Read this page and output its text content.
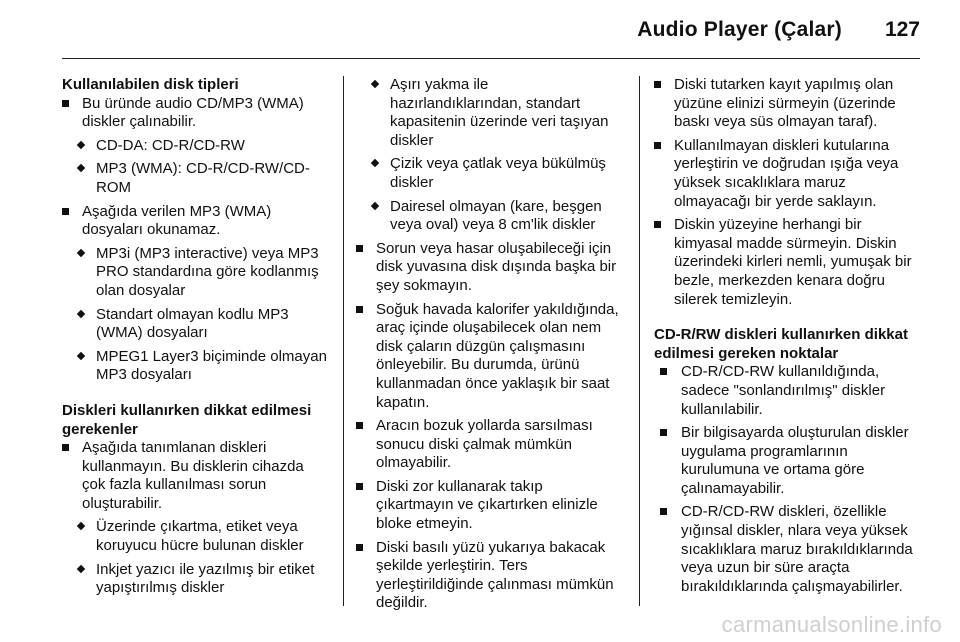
Audio Player (Çalar) 127

Kullanılabilen disk tipleri

Bu üründe audio CD/MP3 (WMA) diskler çalınabilir.
CD-DA: CD-R/CD-RW
MP3 (WMA): CD-R/CD-RW/CD-ROM
Aşağıda verilen MP3 (WMA) dosyaları okunamaz.
MP3i (MP3 interactive) veya MP3 PRO standardına göre kodlanmış olan dosyalar
Standart olmayan kodlu MP3 (WMA) dosyaları
MPEG1 Layer3 biçiminde olmayan MP3 dosyaları

Diskleri kullanırken dikkat edilmesi gerekenler

Aşağıda tanımlanan diskleri kullanmayın. Bu disklerin cihazda çok fazla kullanılması sorun oluşturabilir.
Üzerinde çıkartma, etiket veya koruyucu hücre bulunan diskler
Inkjet yazıcı ile yazılmış bir etiket yapıştırılmış diskler
Aşırı yakma ile hazırlandıklarından, standart kapasitenin üzerinde veri taşıyan diskler
Çizik veya çatlak veya bükülmüş diskler
Dairesel olmayan (kare, beşgen veya oval) veya 8 cm'lik diskler
Sorun veya hasar oluşabileceği için disk yuvasına disk dışında başka bir şey sokmayın.
Soğuk havada kalorifer yakıldığında, araç içinde oluşabilecek olan nem disk çaların düzgün çalışmasını önleyebilir. Bu durumda, ürünü kullanmadan önce yaklaşık bir saat kapatın.
Aracın bozuk yollarda sarsılması sonucu diski çalmak mümkün olmayabilir.
Diski zor kullanarak takıp çıkartmayın ve çıkartırken elinizle bloke etmeyin.
Diski basılı yüzü yukarıya bakacak şekilde yerleştirin. Ters yerleştirildiğinde çalınması mümkün değildir.
Diski tutarken kayıt yapılmış olan yüzüne elinizi sürmeyin (üzerinde baskı veya süs olmayan taraf).
Kullanılmayan diskleri kutularına yerleştirin ve doğrudan ışığa veya yüksek sıcaklıklara maruz olmayacağı bir yerde saklayın.
Diskin yüzeyine herhangi bir kimyasal madde sürmeyin. Diskin üzerindeki kirleri nemli, yumuşak bir bezle, merkezden kenara doğru silerek temizleyin.

CD-R/RW diskleri kullanırken dikkat edilmesi gereken noktalar

CD-R/CD-RW kullanıldığında, sadece "sonlandırılmış" diskler kullanılabilir.
Bir bilgisayarda oluşturulan diskler uygulama programlarının kurulumuna ve ortama göre çalınamayabilir.
CD-R/CD-RW diskleri, özellikle yığınsal diskler, nlara veya yüksek sıcaklıklara maruz bırakıldıklarında veya uzun bir süre araçta bırakıldıklarında çalışmayabilirler.
carmanualsonline.info
